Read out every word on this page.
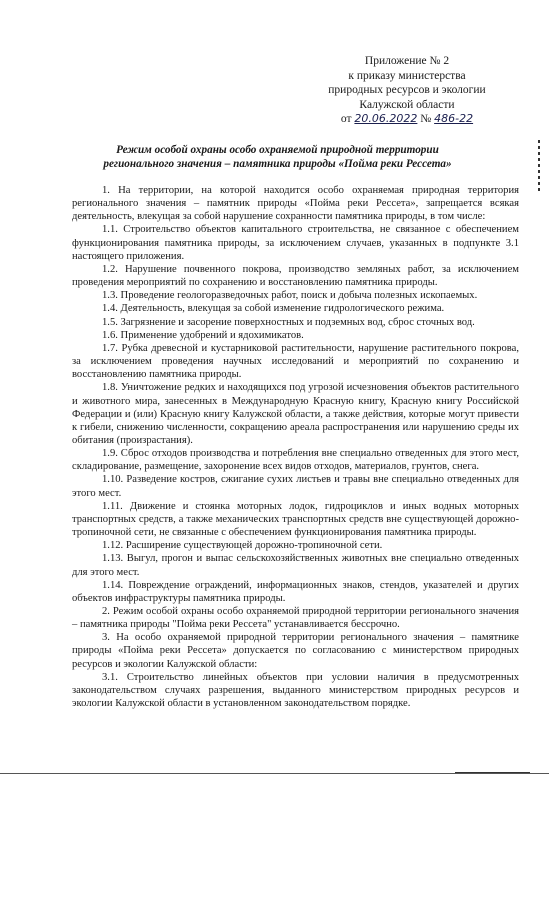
Приложение № 2
к приказу министерства
природных ресурсов и экологии
Калужской области
от 20.06.2022 № 486-22
Режим особой охраны особо охраняемой природной территории
регионального значения – памятника природы «Пойма реки Рессета»

1. На территории, на которой находится особо охраняемая природная территория регионального значения – памятник природы «Пойма реки Рессета», запрещается всякая деятельность, влекущая за собой нарушение сохранности памятника природы, в том числе:

1.1. Строительство объектов капитального строительства, не связанное с обеспечением функционирования памятника природы, за исключением случаев, указанных в подпункте 3.1 настоящего приложения.

1.2. Нарушение почвенного покрова, производство земляных работ, за исключением проведения мероприятий по сохранению и восстановлению памятника природы.

1.3. Проведение геологоразведочных работ, поиск и добыча полезных ископаемых.

1.4. Деятельность, влекущая за собой изменение гидрологического режима.

1.5. Загрязнение и засорение поверхностных и подземных вод, сброс сточных вод.

1.6. Применение удобрений и ядохимикатов.

1.7. Рубка древесной и кустарниковой растительности, нарушение растительного покрова, за исключением проведения научных исследований и мероприятий по сохранению и восстановлению памятника природы.

1.8. Уничтожение редких и находящихся под угрозой исчезновения объектов растительного и животного мира, занесенных в Международную Красную книгу, Красную книгу Российской Федерации и (или) Красную книгу Калужской области, а также действия, которые могут привести к гибели, снижению численности, сокращению ареала распространения или нарушению среды их обитания (произрастания).

1.9. Сброс отходов производства и потребления вне специально отведенных для этого мест, складирование, размещение, захоронение всех видов отходов, материалов, грунтов, снега.

1.10. Разведение костров, сжигание сухих листьев и травы вне специально отведенных для этого мест.

1.11. Движение и стоянка моторных лодок, гидроциклов и иных водных моторных транспортных средств, а также механических транспортных средств вне существующей дорожно-тропиночной сети, не связанные с обеспечением функционирования памятника природы.

1.12. Расширение существующей дорожно-тропиночной сети.

1.13. Выгул, прогон и выпас сельскохозяйственных животных вне специально отведенных для этого мест.

1.14. Повреждение ограждений, информационных знаков, стендов, указателей и других объектов инфраструктуры памятника природы.

2. Режим особой охраны особо охраняемой природной территории регионального значения – памятника природы "Пойма реки Рессета" устанавливается бессрочно.

3. На особо охраняемой природной территории регионального значения – памятнике природы «Пойма реки Рессета» допускается по согласованию с министерством природных ресурсов и экологии Калужской области:

3.1. Строительство линейных объектов при условии наличия в предусмотренных законодательством случаях разрешения, выданного министерством природных ресурсов и экологии Калужской области в установленном законодательством порядке.
